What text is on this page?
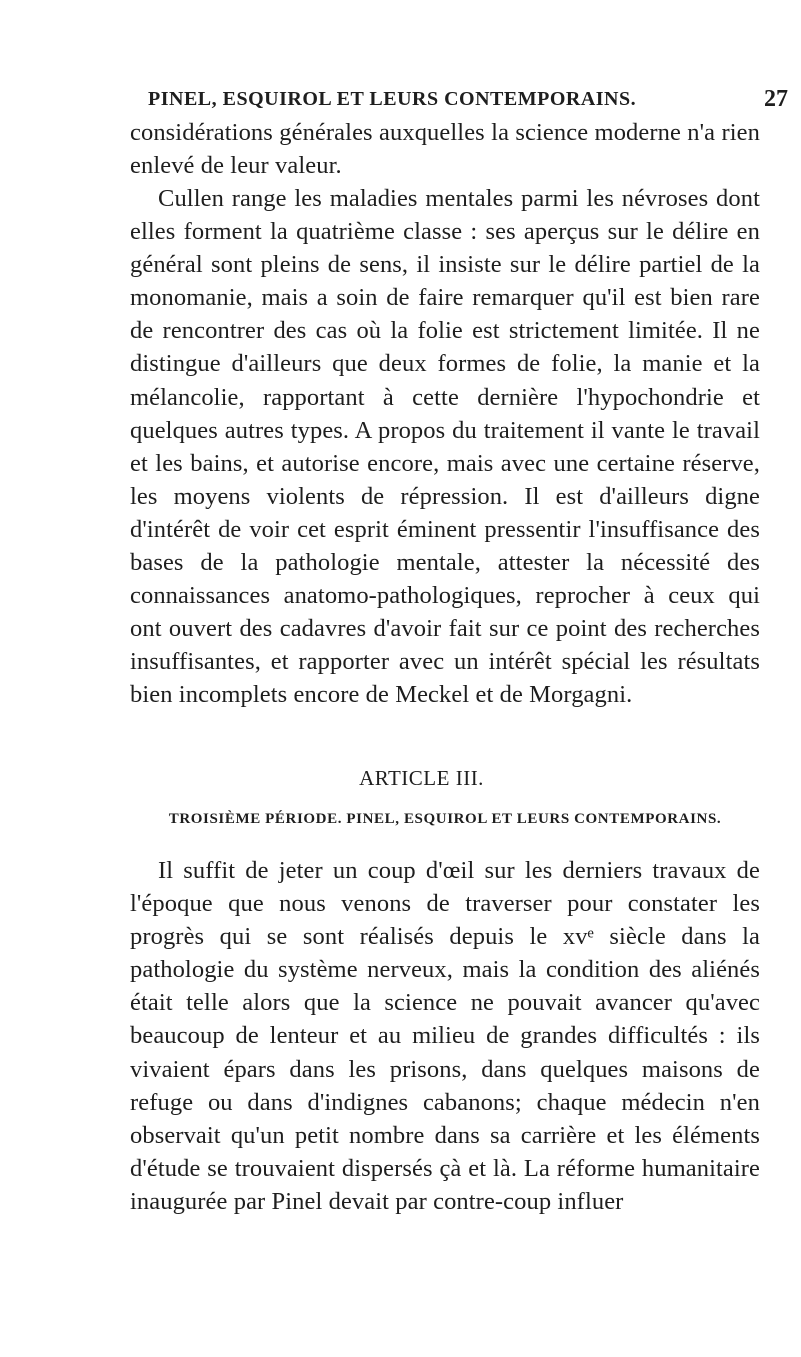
PINEL, ESQUIROL ET LEURS CONTEMPORAINS.	27

considérations générales auxquelles la science moderne n'a rien enlevé de leur valeur.

Cullen range les maladies mentales parmi les névroses dont elles forment la quatrième classe : ses aperçus sur le délire en général sont pleins de sens, il insiste sur le délire partiel de la monomanie, mais a soin de faire remarquer qu'il est bien rare de rencontrer des cas où la folie est strictement limitée. Il ne distingue d'ailleurs que deux formes de folie, la manie et la mélancolie, rapportant à cette dernière l'hypochondrie et quelques autres types. A propos du traitement il vante le travail et les bains, et autorise encore, mais avec une certaine réserve, les moyens violents de répression. Il est d'ailleurs digne d'intérêt de voir cet esprit éminent pressentir l'insuffisance des bases de la pathologie mentale, attester la nécessité des connaissances anatomo-pathologiques, reprocher à ceux qui ont ouvert des cadavres d'avoir fait sur ce point des recherches insuffisantes, et rapporter avec un intérêt spécial les résultats bien incomplets encore de Meckel et de Morgagni.

ARTICLE III.
TROISIÈME PÉRIODE. PINEL, ESQUIROL ET LEURS CONTEMPORAINS.

Il suffit de jeter un coup d'œil sur les derniers travaux de l'époque que nous venons de traverser pour constater les progrès qui se sont réalisés depuis le xvᵉ siècle dans la pathologie du système nerveux, mais la condition des aliénés était telle alors que la science ne pouvait avancer qu'avec beaucoup de lenteur et au milieu de grandes difficultés : ils vivaient épars dans les prisons, dans quelques maisons de refuge ou dans d'indignes cabanons; chaque médecin n'en observait qu'un petit nombre dans sa carrière et les éléments d'étude se trouvaient dispersés çà et là. La réforme humanitaire inaugurée par Pinel devait par contre-coup influer
